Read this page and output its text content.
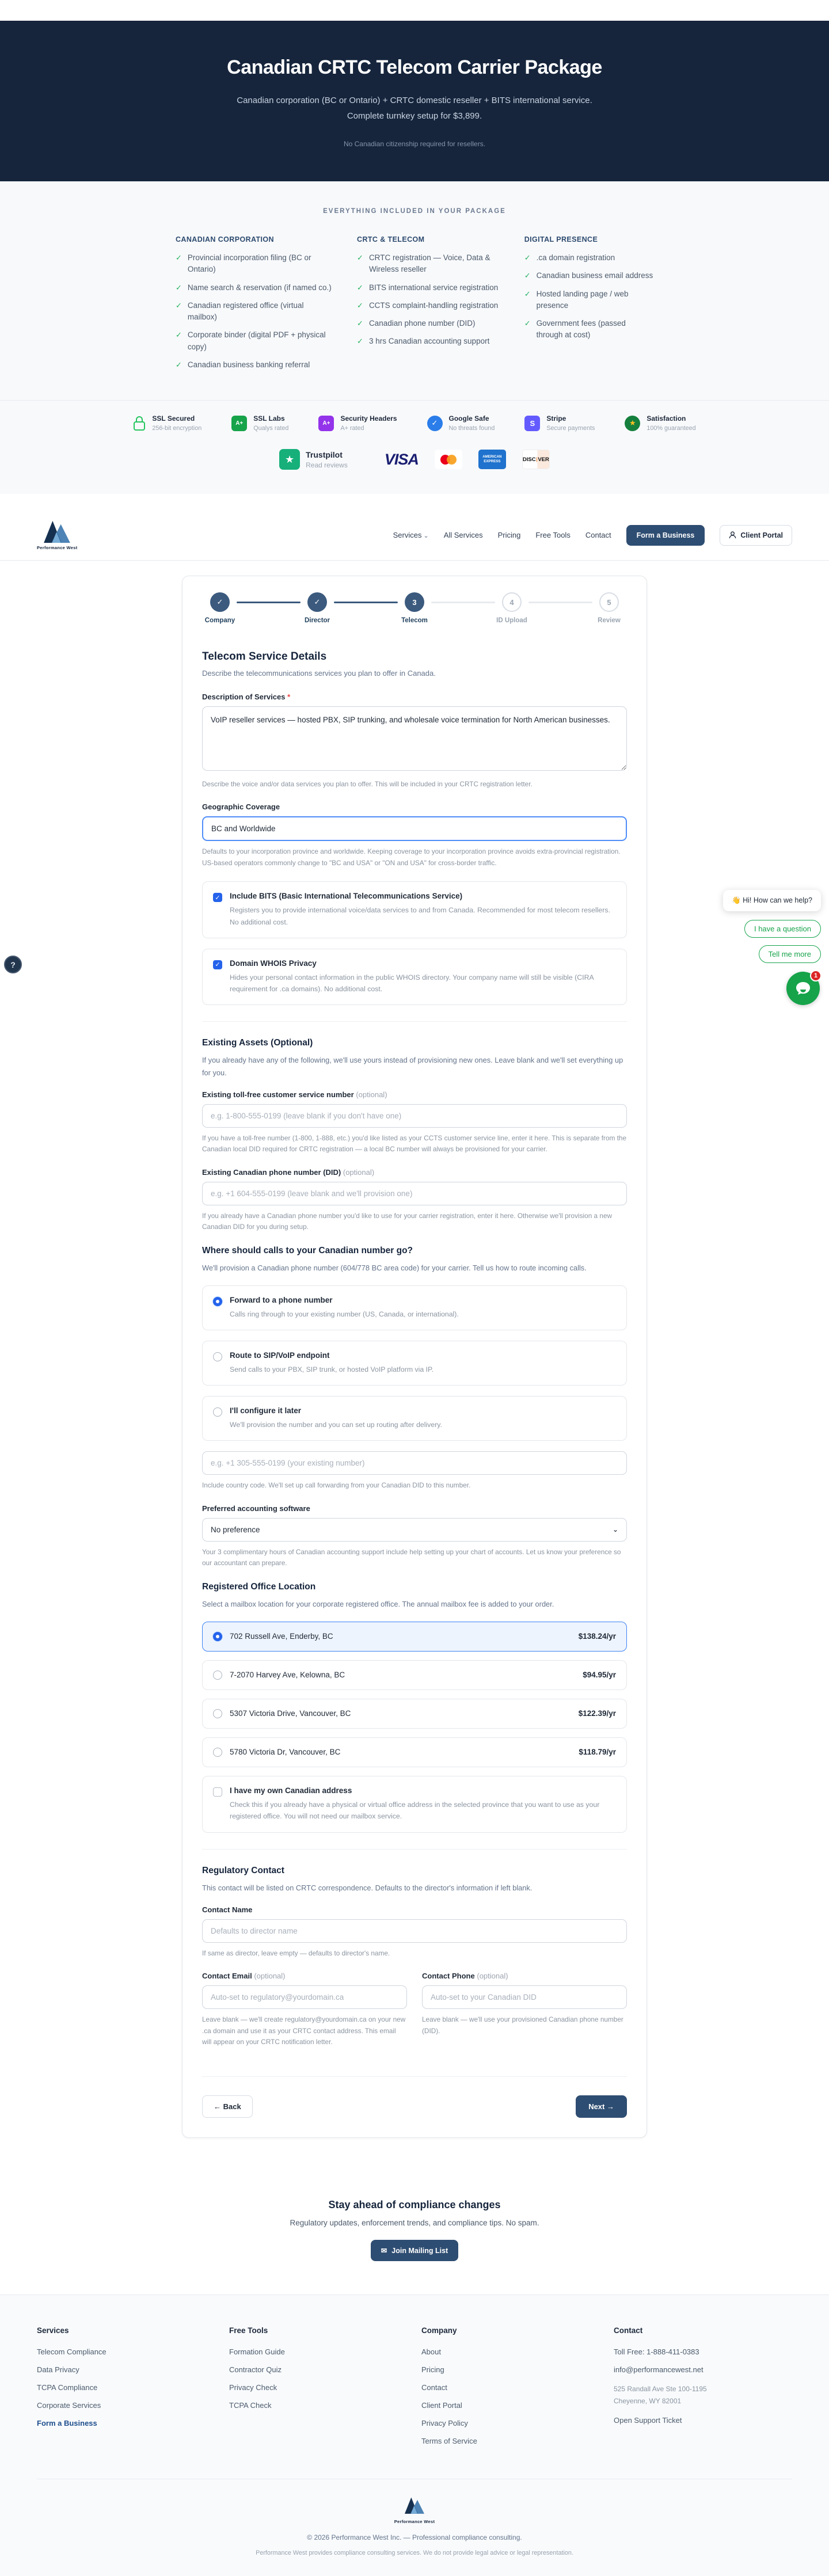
Canadian CRTC Telecom Carrier Package

Canadian corporation (BC or Ontario) + CRTC domestic reseller + BITS international service. Complete turnkey setup for $3,899.

No Canadian citizenship required for resellers.

EVERYTHING INCLUDED IN YOUR PACKAGE
CANADIAN CORPORATION
✓ Provincial incorporation filing (BC or Ontario)
✓ Name search & reservation (if named co.)
✓ Canadian registered office (virtual mailbox)
✓ Corporate binder (digital PDF + physical copy)
✓ Canadian business banking referral
CRTC & TELECOM
✓ CRTC registration — Voice, Data & Wireless reseller
✓ BITS international service registration
✓ CCTS complaint-handling registration
✓ Canadian phone number (DID)
✓ 3 hrs Canadian accounting support
DIGITAL PRESENCE
✓ .ca domain registration
✓ Canadian business email address
✓ Hosted landing page / web presence
✓ Government fees (passed through at cost)
SSL Secured
256-bit encryption
A+
SSL Labs
Qualys rated
A+
Security Headers
A+ rated
✓	Google Safe
No threats found
S
Stripe
Secure payments
★	Satisfaction
100% guaranteed
★	Trustpilot
Read reviews VISA	AMERICAN
EXPRESS	DISC VER
Performance West
Services ⌄ All Services Pricing Free Tools Contact	Form a Business	Client Portal
✓
Company
✓
Director
3
Telecom
4
ID Upload
5
Review
Telecom Service Details

Describe the telecommunications services you plan to offer in Canada.

Description of Services *
VoIP reseller services — hosted PBX, SIP trunking, and wholesale voice termination for North American businesses.
Describe the voice and/or data services you plan to offer. This will be included in your CRTC registration letter.
Geographic Coverage
BC and Worldwide
Defaults to your incorporation province and worldwide. Keeping coverage to your incorporation province avoids extra-provincial registration. US-based operators commonly change to "BC and USA" or "ON and USA" for cross-border traffic.
✓ Include BITS (Basic International Telecommunications Service)
Registers you to provide international voice/data services to and from Canada. Recommended for most telecom resellers. No additional cost.
✓ Domain WHOIS Privacy
Hides your personal contact information in the public WHOIS directory. Your company name will still be visible (CIRA requirement for .ca domains). No additional cost.
Existing Assets (Optional)

If you already have any of the following, we'll use yours instead of provisioning new ones. Leave blank and we'll set everything up for you.

Existing toll-free customer service number (optional)
e.g. 1-800-555-0199 (leave blank if you don't have one)
If you have a toll-free number (1-800, 1-888, etc.) you'd like listed as your CCTS customer service line, enter it here. This is separate from the Canadian local DID required for CRTC registration — a local BC number will always be provisioned for your carrier.
Existing Canadian phone number (DID) (optional)
e.g. +1 604-555-0199 (leave blank and we'll provision one)
If you already have a Canadian phone number you'd like to use for your carrier registration, enter it here. Otherwise we'll provision a new Canadian DID for you during setup.
Where should calls to your Canadian number go?

We'll provision a Canadian phone number (604/778 BC area code) for your carrier. Tell us how to route incoming calls.

Forward to a phone number
Calls ring through to your existing number (US, Canada, or international).
Route to SIP/VoIP endpoint
Send calls to your PBX, SIP trunk, or hosted VoIP platform via IP.
I'll configure it later
We'll provision the number and you can set up routing after delivery.
e.g. +1 305-555-0199 (your existing number)
Include country code. We'll set up call forwarding from your Canadian DID to this number.
Preferred accounting software
No preference	⌄
Your 3 complimentary hours of Canadian accounting support include help setting up your chart of accounts. Let us know your preference so our accountant can prepare.
Registered Office Location

Select a mailbox location for your corporate registered office. The annual mailbox fee is added to your order.

702 Russell Ave, Enderby, BC	$138.24/yr
7-2070 Harvey Ave, Kelowna, BC	$94.95/yr
5307 Victoria Drive, Vancouver, BC	$122.39/yr
5780 Victoria Dr, Vancouver, BC	$118.79/yr
I have my own Canadian address
Check this if you already have a physical or virtual office address in the selected province that you want to use as your registered office. You will not need our mailbox service.
Regulatory Contact

This contact will be listed on CRTC correspondence. Defaults to the director's information if left blank.

Contact Name
Defaults to director name
If same as director, leave empty — defaults to director's name.
Contact Email (optional)
Auto-set to regulatory@yourdomain.ca
Leave blank — we'll create regulatory@yourdomain.ca on your new .ca domain and use it as your CRTC contact address. This email will appear on your CRTC notification letter.
Contact Phone (optional)
Auto-set to your Canadian DID
Leave blank — we'll use your provisioned Canadian phone number (DID).
← Back	Next →
Stay ahead of compliance changes

Regulatory updates, enforcement trends, and compliance tips. No spam.

✉ Join Mailing List
Services
Telecom Compliance
Data Privacy
TCPA Compliance
Corporate Services
Form a Business
Free Tools
Formation Guide
Contractor Quiz
Privacy Check
TCPA Check
Company
About
Pricing
Contact
Client Portal
Privacy Policy
Terms of Service
Contact
Toll Free: 1-888-411-0383
info@performancewest.net
525 Randall Ave Ste 100-1195
Cheyenne, WY 82001
Open Support Ticket
Performance West
© 2026 Performance West Inc. — Professional compliance consulting.
Performance West provides compliance consulting services. We do not provide legal advice or legal representation.
?
👋 Hi! How can we help?
I have a question
Tell me more
1
